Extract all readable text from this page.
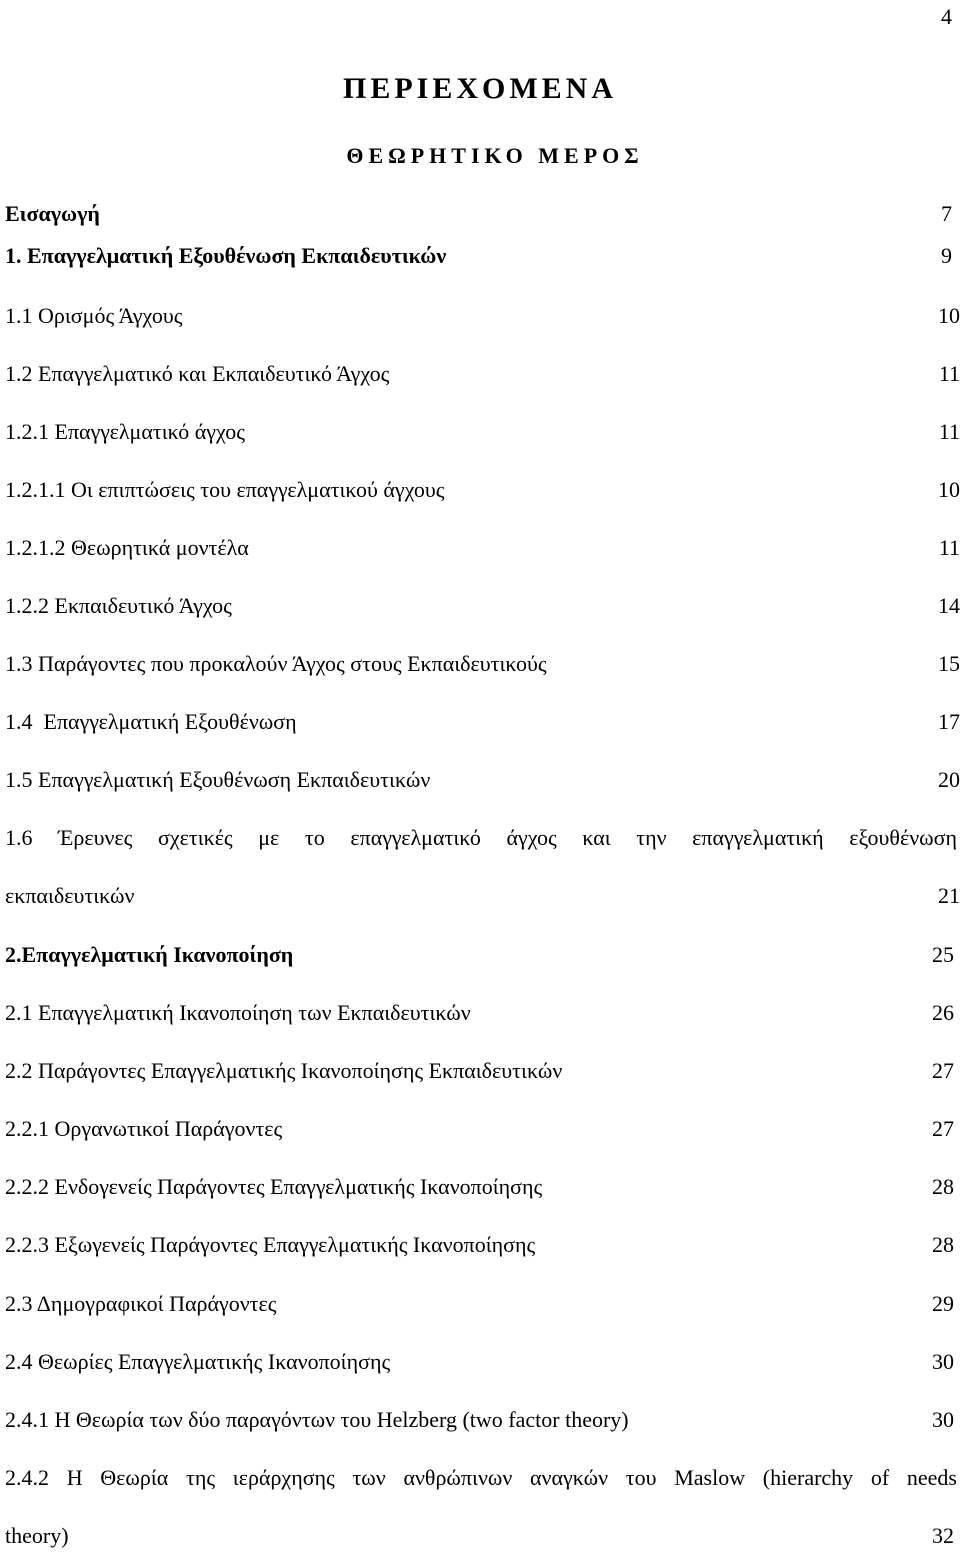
4
ΠΕΡΙΕΧΟΜΕΝΑ
ΘΕΩΡΗΤΙΚΟ ΜΕΡΟΣ
Εισαγωγή	7
1. Επαγγελματική Εξουθένωση Εκπαιδευτικών	9
1.1 Ορισμός Άγχους	10
1.2 Επαγγελματικό και Εκπαιδευτικό Άγχος	11
1.2.1 Επαγγελματικό άγχος	11
1.2.1.1 Οι επιπτώσεις του επαγγελματικού άγχους	10
1.2.1.2 Θεωρητικά μοντέλα	11
1.2.2 Εκπαιδευτικό Άγχος	14
1.3 Παράγοντες που προκαλούν Άγχος στους Εκπαιδευτικούς	15
1.4  Επαγγελματική Εξουθένωση	17
1.5 Επαγγελματική Εξουθένωση Εκπαιδευτικών	20
1.6 Έρευνες σχετικές με το επαγγελματικό άγχος και την επαγγελματική εξουθένωση
εκπαιδευτικών	21
2.Επαγγελματική Ικανοποίηση	25
2.1 Επαγγελματική Ικανοποίηση των Εκπαιδευτικών	26
2.2 Παράγοντες Επαγγελματικής Ικανοποίησης Εκπαιδευτικών	27
2.2.1 Οργανωτικοί Παράγοντες	27
2.2.2 Ενδογενείς Παράγοντες Επαγγελματικής Ικανοποίησης	28
2.2.3 Εξωγενείς Παράγοντες Επαγγελματικής Ικανοποίησης	28
2.3 Δημογραφικοί Παράγοντες	29
2.4 Θεωρίες Επαγγελματικής Ικανοποίησης	30
2.4.1 Η Θεωρία των δύο παραγόντων του Helzberg (two factor theory)	30
2.4.2 Η Θεωρία της ιεράρχησης των ανθρώπινων αναγκών του Maslow (hierarchy of needs
theory)	32
